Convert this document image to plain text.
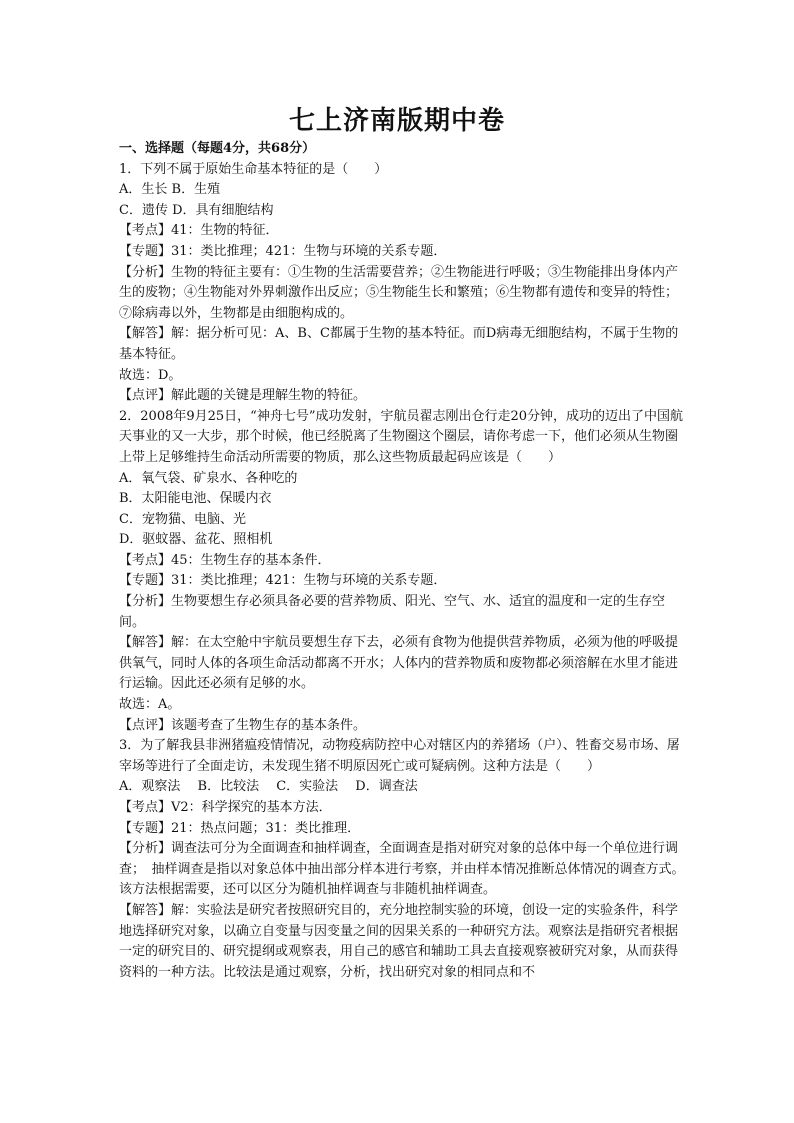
七上济南版期中卷

一、选择题（每题4分，共68分）

1．下列不属于原始生命基本特征的是（　　）

A．生长 B．生殖

C．遗传 D．具有细胞结构

【考点】41：生物的特征．

【专题】31：类比推理；421：生物与环境的关系专题．

【分析】生物的特征主要有：①生物的生活需要营养；②生物能进行呼吸；③生物能排出身体内产生的废物；④生物能对外界刺激作出反应；⑤生物能生长和繁殖；⑥生物都有遗传和变异的特性；⑦除病毒以外，生物都是由细胞构成的。

【解答】解：据分析可见：A、B、C都属于生物的基本特征。而D病毒无细胞结构，不属于生物的基本特征。

故选：D。

【点评】解此题的关键是理解生物的特征。

2．2008年9月25日，“神舟七号”成功发射，宇航员翟志刚出仓行走20分钟，成功的迈出了中国航天事业的又一大步，那个时候，他已经脱离了生物圈这个圈层，请你考虑一下，他们必须从生物圈上带上足够维持生命活动所需要的物质，那么这些物质最起码应该是（　　）

A．氧气袋、矿泉水、各种吃的

B．太阳能电池、保暖内衣

C．宠物猫、电脑、光

D．驱蚊器、盆花、照相机

【考点】45：生物生存的基本条件．

【专题】31：类比推理；421：生物与环境的关系专题．

【分析】生物要想生存必须具备必要的营养物质、阳光、空气、水、适宜的温度和一定的生存空间。

【解答】解：在太空舱中宇航员要想生存下去，必须有食物为他提供营养物质，必须为他的呼吸提供氧气，同时人体的各项生命活动都离不开水；人体内的营养物质和废物都必须溶解在水里才能进行运输。因此还必须有足够的水。

故选：A。

【点评】该题考查了生物生存的基本条件。

3．为了解我县非洲猪瘟疫情情况，动物疫病防控中心对辖区内的养猪场（户）、牲畜交易市场、屠宰场等进行了全面走访，未发现生猪不明原因死亡或可疑病例。这种方法是（　　）

A．观察法　 B．比较法　 C．实验法　 D．调查法

【考点】V2：科学探究的基本方法．

【专题】21：热点问题；31：类比推理．

【分析】调查法可分为全面调查和抽样调查，全面调查是指对研究对象的总体中每一个单位进行调查；　抽样调查是指以对象总体中抽出部分样本进行考察，并由样本情况推断总体情况的调查方式。该方法根据需要，还可以区分为随机抽样调查与非随机抽样调查。

【解答】解：实验法是研究者按照研究目的，充分地控制实验的环境，创设一定的实验条件，科学地选择研究对象，以确立自变量与因变量之间的因果关系的一种研究方法。观察法是指研究者根据一定的研究目的、研究提纲或观察表，用自己的感官和辅助工具去直接观察被研究对象，从而获得资料的一种方法。比较法是通过观察，分析，找出研究对象的相同点和不
